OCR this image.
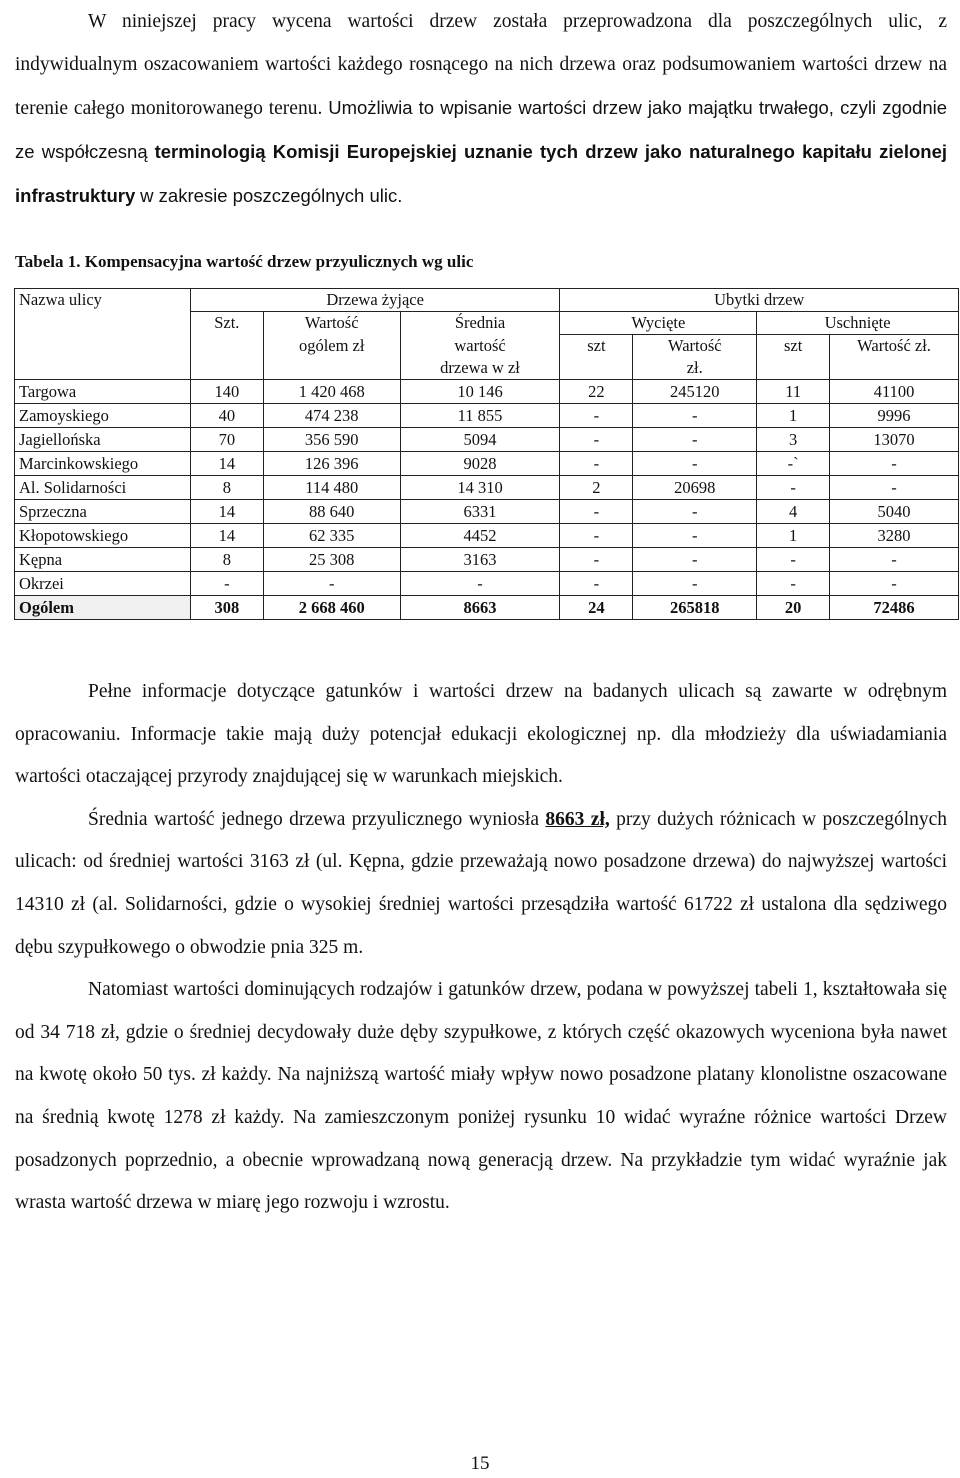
W niniejszej pracy wycena wartości drzew została przeprowadzona dla poszczególnych ulic, z indywidualnym oszacowaniem wartości każdego rosnącego na nich drzewa oraz podsumowaniem wartości drzew na terenie całego monitorowanego terenu. Umożliwia to wpisanie wartości drzew jako majątku trwałego, czyli zgodnie ze współczesną terminologią Komisji Europejskiej uznanie tych drzew jako naturalnego kapitału zielonej infrastruktury w zakresie poszczególnych ulic.

Tabela 1. Kompensacyjna wartość drzew przyulicznych wg ulic

Nazwa ulicy	Drzewa żyjące			Ubytki drzew			
	Szt.	Wartość	Średnia	Wycięte		Uschnięte	
		ogólem zł	wartość	szt	Wartość	szt	Wartość zł.
			drzewa w zł		zł.		
Targowa	140	1 420 468	10 146	22	245120	11	41100
Zamoyskiego	40	474 238	11 855	-	-	1	9996
Jagiellońska	70	356 590	5094	-	-	3	13070
Marcinkowskiego	14	126 396	9028	-	-	-`	-
Al. Solidarności	8	114 480	14 310	2	20698	-	-
Sprzeczna	14	88 640	6331	-	-	4	5040
Kłopotowskiego	14	62 335	4452	-	-	1	3280
Kępna	8	25 308	3163	-	-	-	-
Okrzei	-	-	-	-	-	-	-
Ogólem	308	2 668 460	8663	24	265818	20	72486

Pełne informacje dotyczące gatunków i wartości drzew na badanych ulicach są zawarte w odrębnym opracowaniu. Informacje takie mają duży potencjał edukacji ekologicznej np. dla młodzieży dla uświadamiania wartości otaczającej przyrody znajdującej się w warunkach miejskich.

Średnia wartość jednego drzewa przyulicznego wyniosła 8663 zł, przy dużych różnicach w poszczególnych ulicach: od średniej wartości 3163 zł (ul. Kępna, gdzie przeważają nowo posadzone drzewa) do najwyższej wartości 14310 zł (al. Solidarności, gdzie o wysokiej średniej wartości przesądziła wartość 61722 zł ustalona dla sędziwego dębu szypułkowego o obwodzie pnia 325 m.

Natomiast wartości dominujących rodzajów i gatunków drzew, podana w powyższej tabeli 1, kształtowała się od 34 718 zł, gdzie o średniej decydowały duże dęby szypułkowe, z których część okazowych wyceniona była nawet na kwotę około 50 tys. zł każdy. Na najniższą wartość miały wpływ nowo posadzone platany klonolistne oszacowane na średnią kwotę 1278 zł każdy. Na zamieszczonym poniżej rysunku 10 widać wyraźne różnice wartości Drzew posadzonych poprzednio, a obecnie wprowadzaną nową generacją drzew. Na przykładzie tym widać wyraźnie jak wrasta wartość drzewa w miarę jego rozwoju i wzrostu.

15
